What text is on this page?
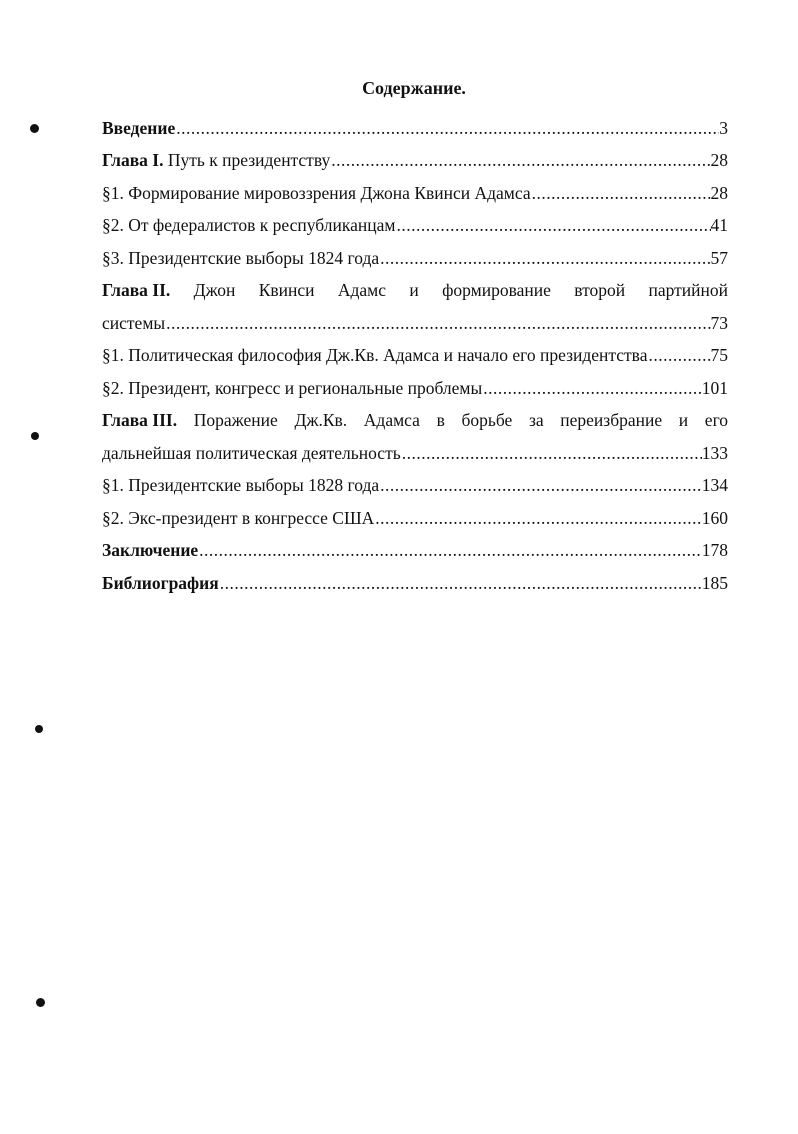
Содержание.
Введение .....	3
Глава I. Путь к президентству .....	28
§1. Формирование мировоззрения Джона Квинси Адамса .....	28
§2. От федералистов к республиканцам .....	41
§3. Президентские выборы 1824 года .....	57
Глава II. Джон Квинси Адамс и формирование второй партийной
системы .....	73
§1. Политическая философия Дж.Кв. Адамса и начало его президентства .....	75
§2. Президент, конгресс и региональные проблемы .....	101
Глава III. Поражение Дж.Кв. Адамса в борьбе за переизбрание и его
дальнейшая политическая деятельность .....	133
§1. Президентские выборы 1828 года .....	134
§2. Экс-президент в конгрессе США .....	160
Заключение .....	178
Библиография .....	185
